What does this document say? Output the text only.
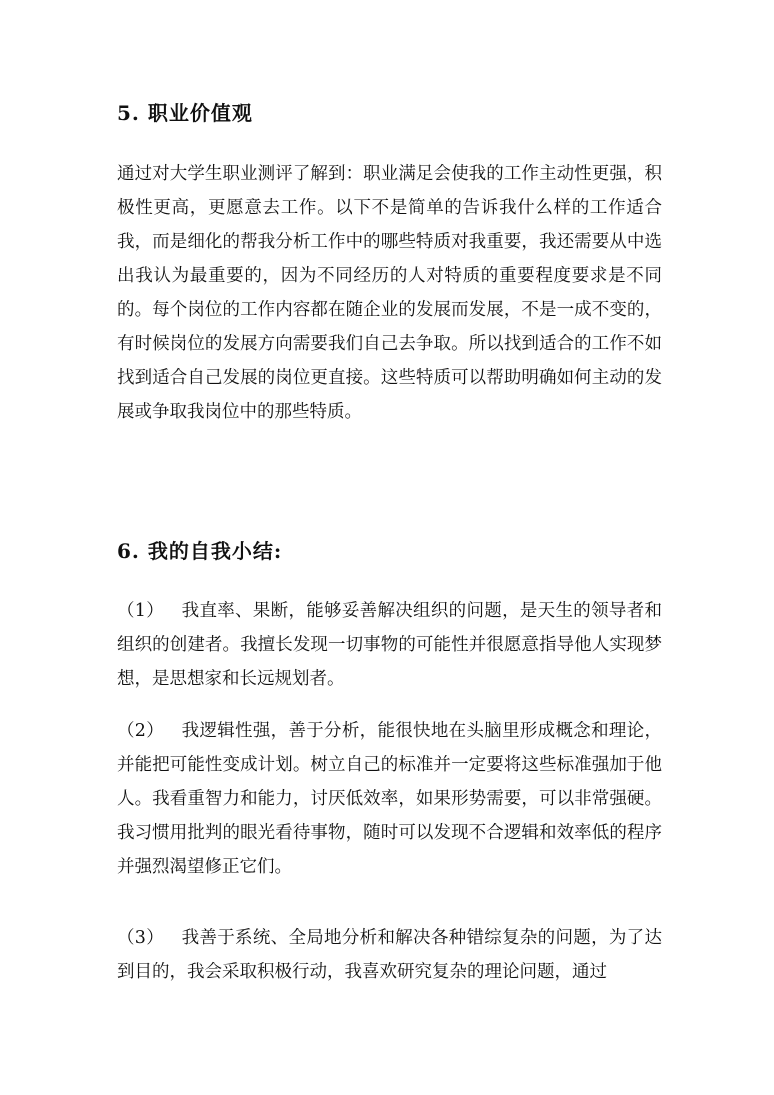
5. 职业价值观

通过对大学生职业测评了解到：职业满足会使我的工作主动性更强，积极性更高，更愿意去工作。以下不是简单的告诉我什么样的工作适合我，而是细化的帮我分析工作中的哪些特质对我重要，我还需要从中选出我认为最重要的，因为不同经历的人对特质的重要程度要求是不同的。每个岗位的工作内容都在随企业的发展而发展，不是一成不变的，有时候岗位的发展方向需要我们自己去争取。所以找到适合的工作不如找到适合自己发展的岗位更直接。这些特质可以帮助明确如何主动的发展或争取我岗位中的那些特质。

6. 我的自我小结:

（1） 我直率、果断，能够妥善解决组织的问题，是天生的领导者和组织的创建者。我擅长发现一切事物的可能性并很愿意指导他人实现梦想，是思想家和长远规划者。

（2） 我逻辑性强，善于分析，能很快地在头脑里形成概念和理论，并能把可能性变成计划。树立自己的标准并一定要将这些标准强加于他人。我看重智力和能力，讨厌低效率，如果形势需要，可以非常强硬。我习惯用批判的眼光看待事物，随时可以发现不合逻辑和效率低的程序并强烈渴望修正它们。

（3） 我善于系统、全局地分析和解决各种错综复杂的问题，为了达到目的，我会采取积极行动，我喜欢研究复杂的理论问题，通过
